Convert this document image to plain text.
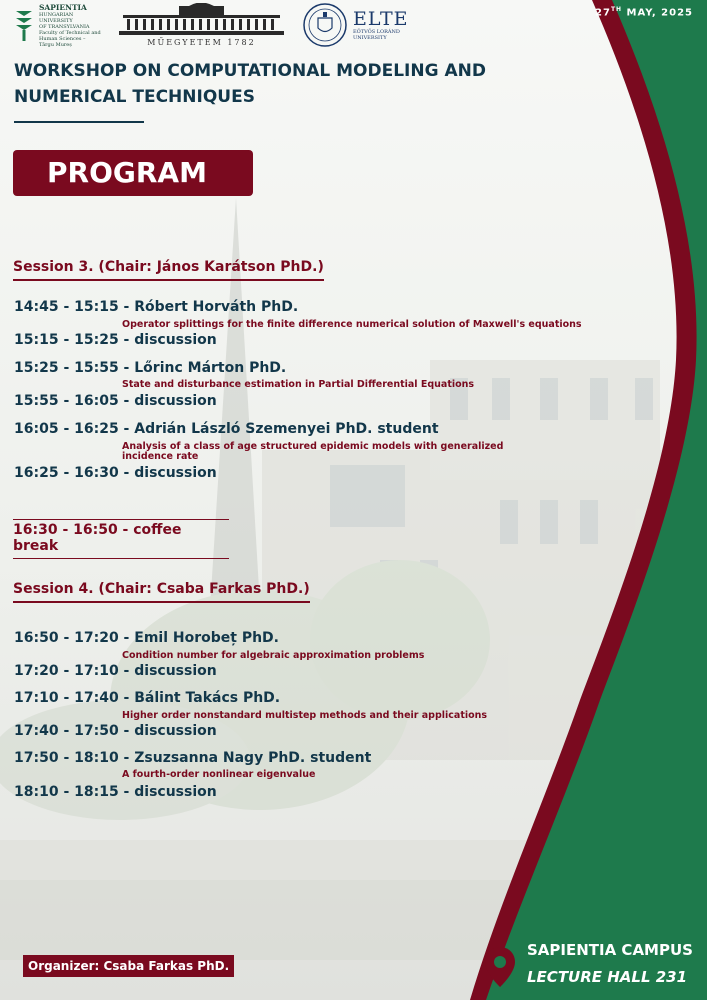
SAPIENTIA
HUNGARIAN UNIVERSITY
OF TRANSYLVANIA
Faculty of Technical and
Human Sciences – Târgu Mureș	MŰEGYETEM 1782
ELTE
EÖTVÖS LORÁND
UNIVERSITY
27TH MAY, 2025
WORKSHOP ON COMPUTATIONAL MODELING AND NUMERICAL TECHNIQUES
PROGRAM
Session 3. (Chair: János Karátson PhD.)
14:45 - 15:15 - Róbert Horváth PhD.
Operator splittings for the finite difference numerical solution of Maxwell's equations
15:15 - 15:25 - discussion
15:25 - 15:55 - Lőrinc Márton PhD.
State and disturbance estimation in Partial Differential Equations
15:55 - 16:05 - discussion
16:05 - 16:25 - Adrián László Szemenyei PhD. student
Analysis of a class of age structured epidemic models with generalized incidence rate
16:25 - 16:30 - discussion
16:30 - 16:50 - coffee break
Session 4. (Chair: Csaba Farkas PhD.)
16:50 - 17:20 - Emil Horobeț PhD.
Condition number for algebraic approximation problems
17:20 - 17:10 - discussion
17:10 - 17:40 - Bálint Takács PhD.
Higher order nonstandard multistep methods and their applications
17:40 - 17:50 - discussion
17:50 - 18:10 - Zsuzsanna Nagy PhD. student
A fourth-order nonlinear eigenvalue
18:10 - 18:15 - discussion
Organizer: Csaba Farkas PhD.
SAPIENTIA CAMPUS
LECTURE HALL 231
